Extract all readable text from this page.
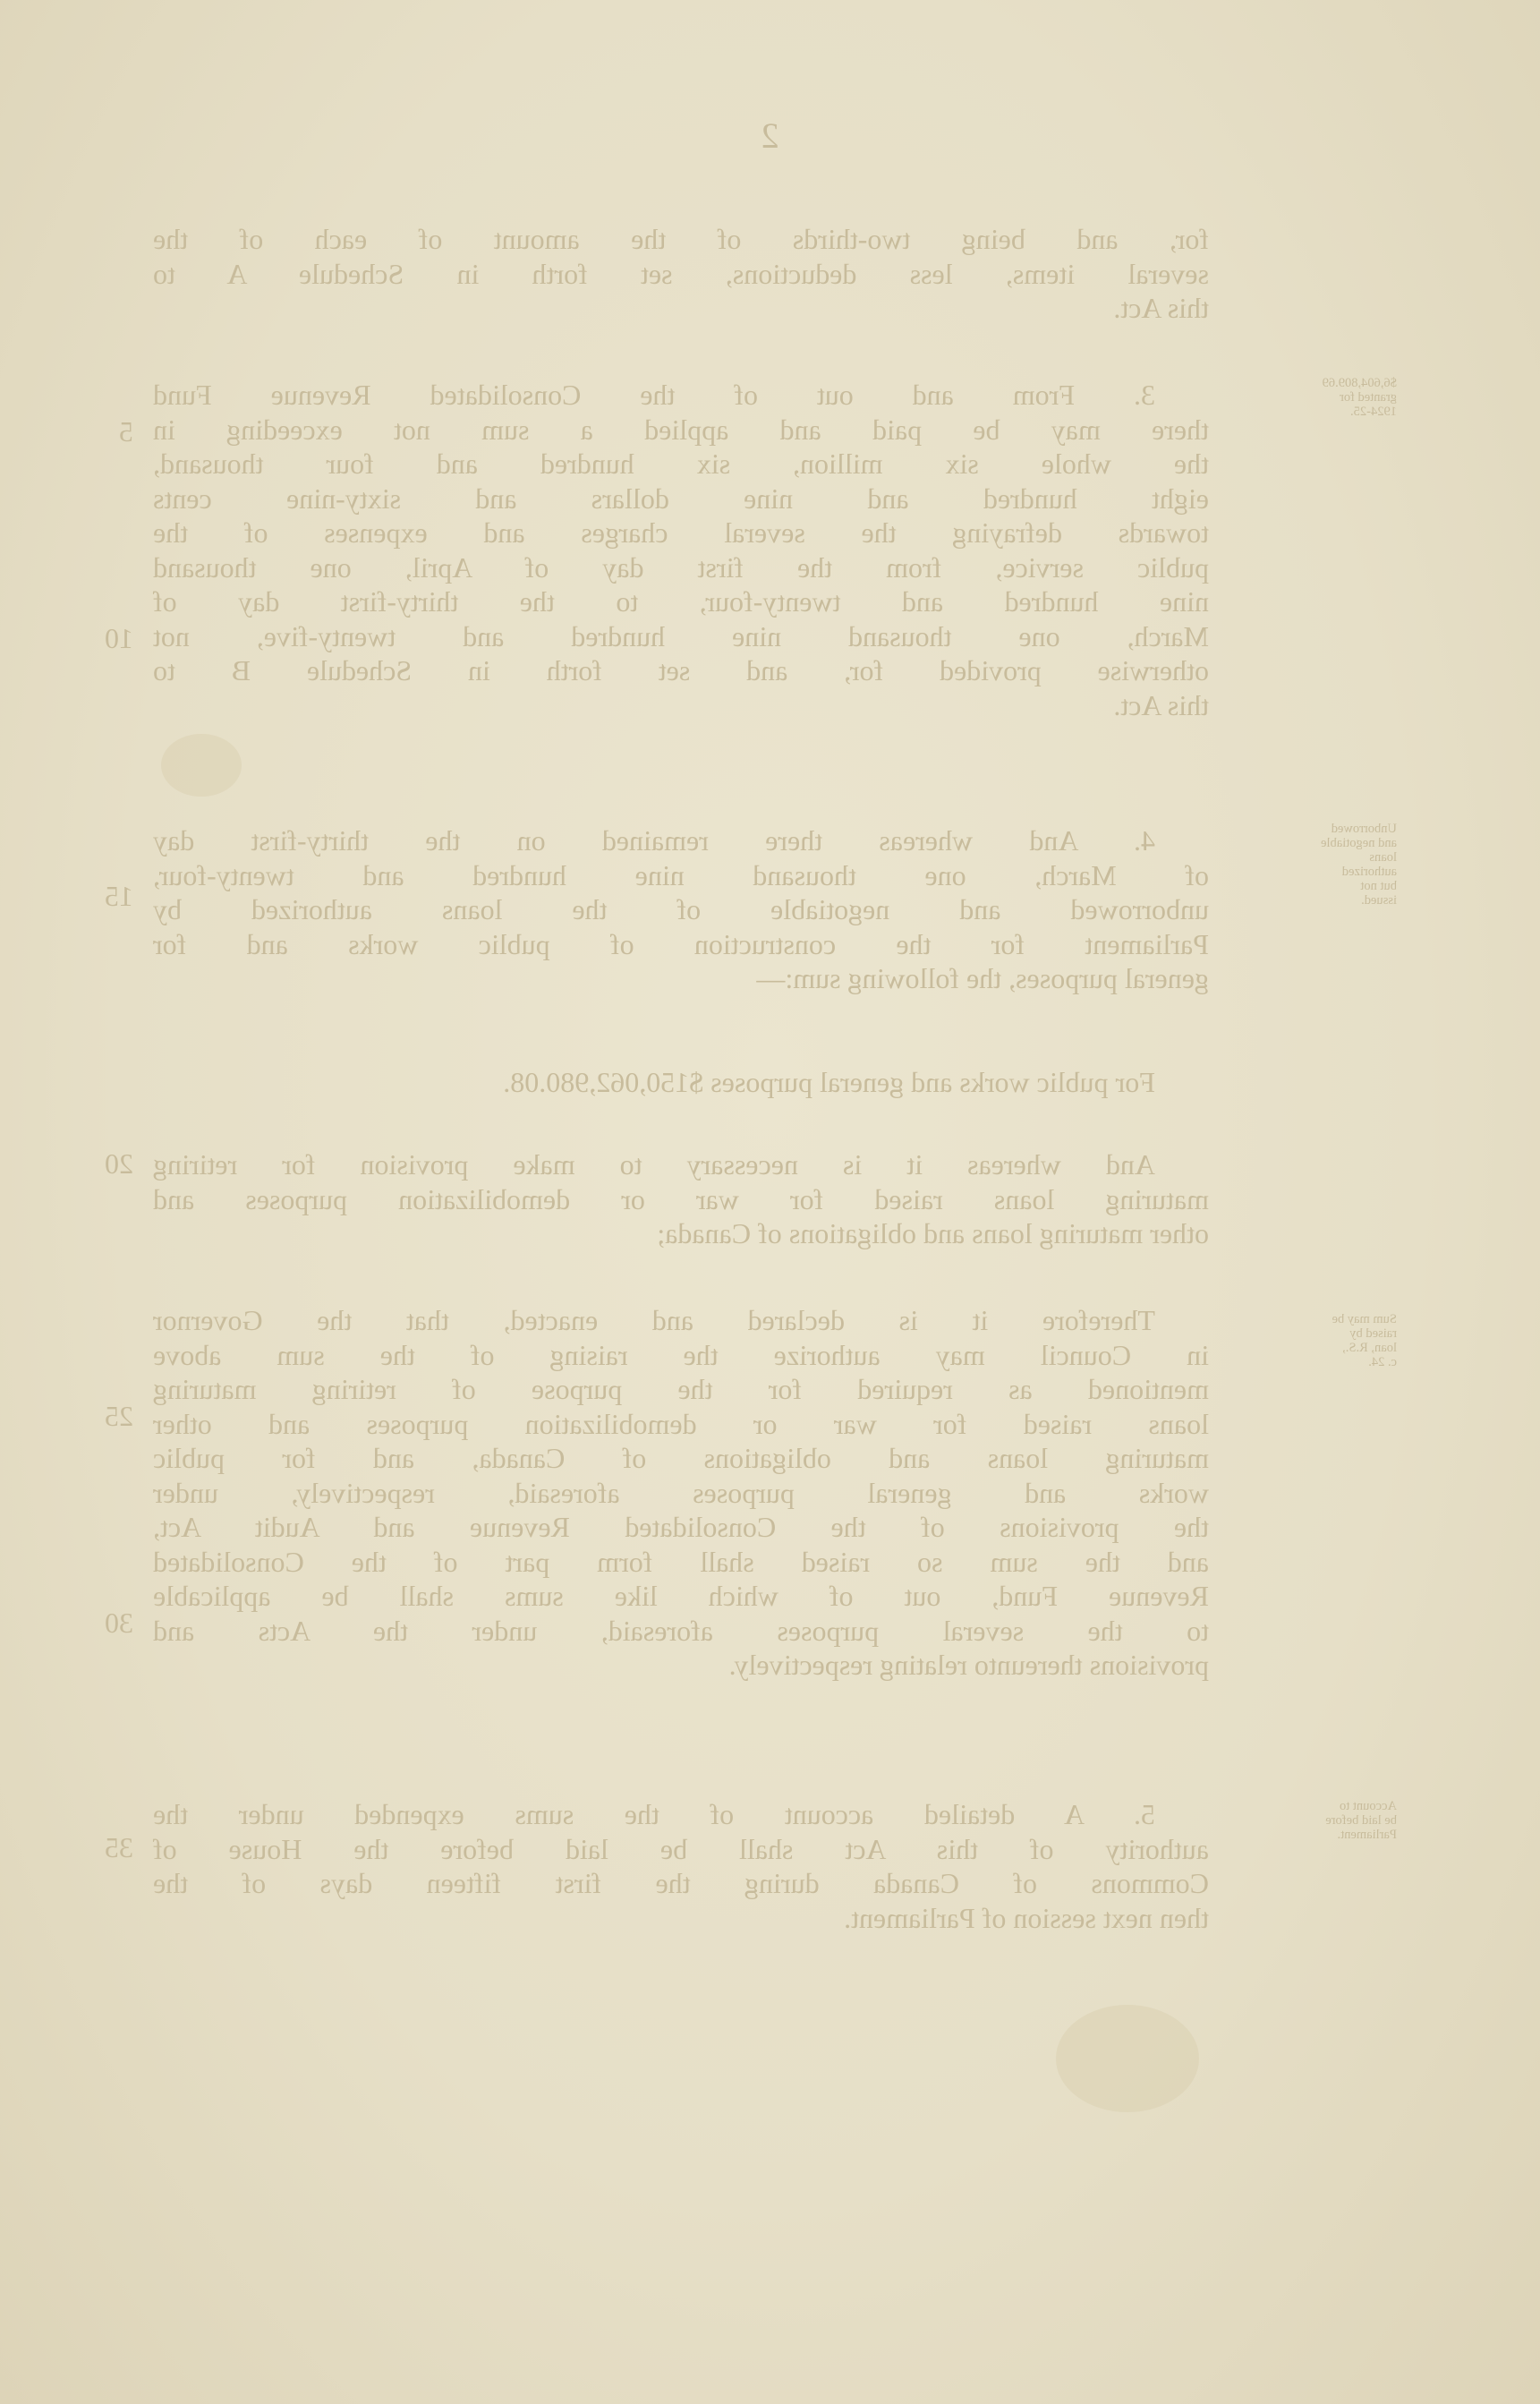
2
for, and being two-thirds of the amount of each of the
several items, less deductions, set forth in Schedule A to
this Act.
3. From and out of the Consolidated Revenue Fund
there may be paid and applied a sum not exceeding in
the whole six million, six hundred and four thousand,
eight hundred and nine dollars and sixty-nine cents
towards defraying the several charges and expenses of the
public service, from the first day of April, one thousand
nine hundred and twenty-four, to the thirty-first day of
March, one thousand nine hundred and twenty-five, not
otherwise provided for, and set forth in Schedule B to
this Act.
4. And whereas there remained on the thirty-first day
of March, one thousand nine hundred and twenty-four,
unborrowed and negotiable of the loans authorized by
Parliament for the construction of public works and for
general purposes, the following sum:—
For public works and general purposes $150,062,980.08.
And whereas it is necessary to make provision for retiring
maturing loans raised for war or demobilization purposes and
other maturing loans and obligations of Canada;
Therefore it is declared and enacted, that the Governor
in Council may authorize the raising of the sum above
mentioned as required for the purpose of retiring maturing
loans raised for war or demobilization purposes and other
maturing loans and obligations of Canada, and for public
works and general purposes aforesaid, respectively, under
the provisions of the Consolidated Revenue and Audit Act,
and the sum so raised shall form part of the Consolidated
Revenue Fund, out of which like sums shall be applicable
to the several purposes aforesaid, under the Acts and
provisions thereunto relating respectively.
5. A detailed account of the sums expended under the
authority of this Act shall be laid before the House of
Commons of Canada during the first fifteen days of the
then next session of Parliament.
5
10
15
20
25
30
35
$6,604,809.69
granted for
1924-25.
Unborrowed
and negotiable
loans
authorized
but not
issued.
Sum may be
raised by
loan, R.S.,
c. 24.
Account to
be laid before
Parliament.
